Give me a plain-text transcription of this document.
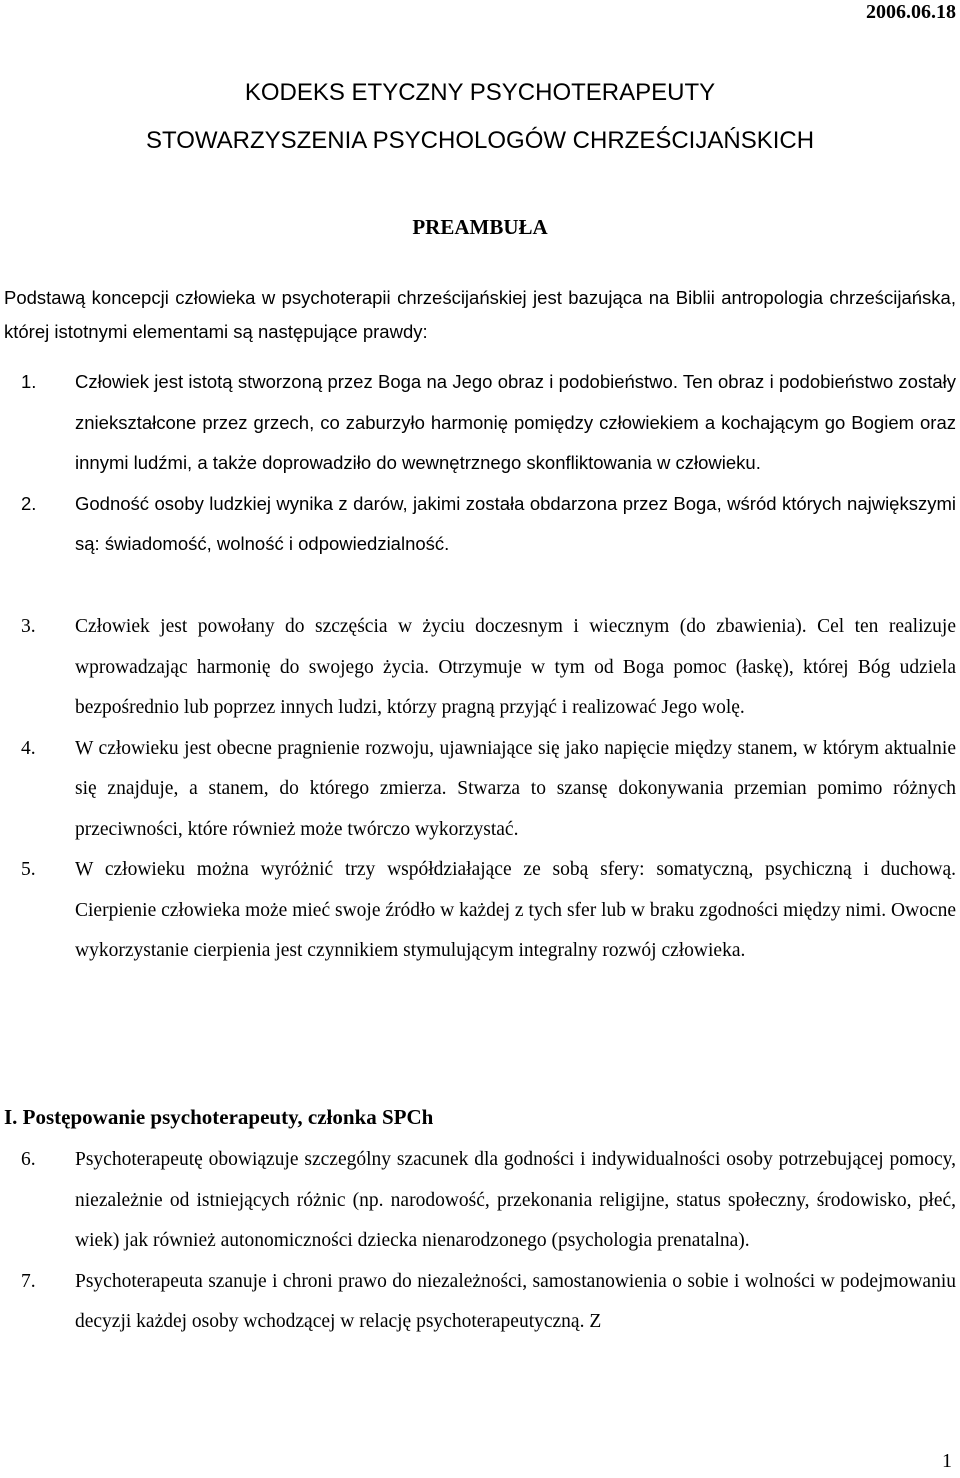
2006.06.18
KODEKS ETYCZNY PSYCHOTERAPEUTY
STOWARZYSZENIA PSYCHOLOGÓW CHRZEŚCIJAŃSKICH
PREAMBUŁA

Podstawą koncepcji człowieka w psychoterapii chrześcijańskiej jest bazująca na Biblii antropologia chrześcijańska, której istotnymi elementami są następujące prawdy:

1. Człowiek jest istotą stworzoną przez Boga na Jego obraz i podobieństwo. Ten obraz i podobieństwo zostały zniekształcone przez grzech, co zaburzyło harmonię pomiędzy człowiekiem a kochającym go Bogiem oraz innymi ludźmi, a także doprowadziło do wewnętrznego skonfliktowania w człowieku.
2. Godność osoby ludzkiej wynika z darów, jakimi została obdarzona przez Boga, wśród których największymi są: świadomość, wolność i odpowiedzialność.
3. Człowiek jest powołany do szczęścia w życiu doczesnym i wiecznym (do zbawienia). Cel ten realizuje wprowadzając harmonię do swojego życia. Otrzymuje w tym od Boga pomoc (łaskę), której Bóg udziela bezpośrednio lub poprzez innych ludzi, którzy pragną przyjąć i realizować Jego wolę.
4. W człowieku jest obecne pragnienie rozwoju, ujawniające się jako napięcie między stanem, w którym aktualnie się znajduje, a stanem, do którego zmierza. Stwarza to szansę dokonywania przemian pomimo różnych przeciwności, które również może twórczo wykorzystać.
5. W człowieku można wyróżnić trzy współdziałające ze sobą sfery: somatyczną, psychiczną i duchową. Cierpienie człowieka może mieć swoje źródło w każdej z tych sfer lub w braku zgodności między nimi. Owocne wykorzystanie cierpienia jest czynnikiem stymulującym integralny rozwój człowieka.
I. Postępowanie psychoterapeuty, członka SPCh
6. Psychoterapeutę obowiązuje szczególny szacunek dla godności i indywidualności osoby potrzebującej pomocy, niezależnie od istniejących różnic (np. narodowość, przekonania religijne, status społeczny, środowisko, płeć, wiek) jak również autonomiczności dziecka nienarodzonego (psychologia prenatalna).
7. Psychoterapeuta szanuje i chroni prawo do niezależności, samostanowienia o sobie i wolności w podejmowaniu decyzji każdej osoby wchodzącej w relację psychoterapeutyczną. Z
1
